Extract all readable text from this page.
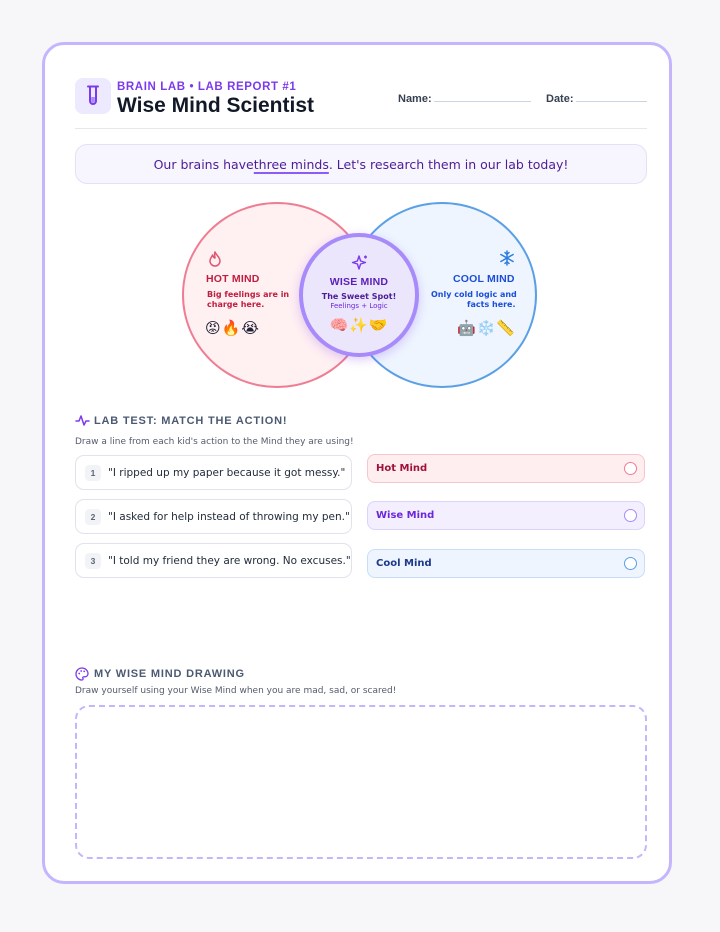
BRAIN LAB • LAB REPORT #1
Wise Mind Scientist	Name:	Date:
Our brains have three minds . Let's research them in our lab today!
HOT MIND
Big feelings are in
charge here.
😡🔥😭
COOL MIND
Only cold logic and
facts here.
🤖❄️📏
WISE MIND
The Sweet Spot!
Feelings + Logic
🧠✨🤝
LAB TEST: MATCH THE ACTION!
Draw a line from each kid's action to the Mind they are using!
1	"I ripped up my paper because it got messy."
2	"I asked for help instead of throwing my pen."
3	"I told my friend they are wrong. No excuses."
Hot Mind
Wise Mind
Cool Mind
MY WISE MIND DRAWING
Draw yourself using your Wise Mind when you are mad, sad, or scared!
